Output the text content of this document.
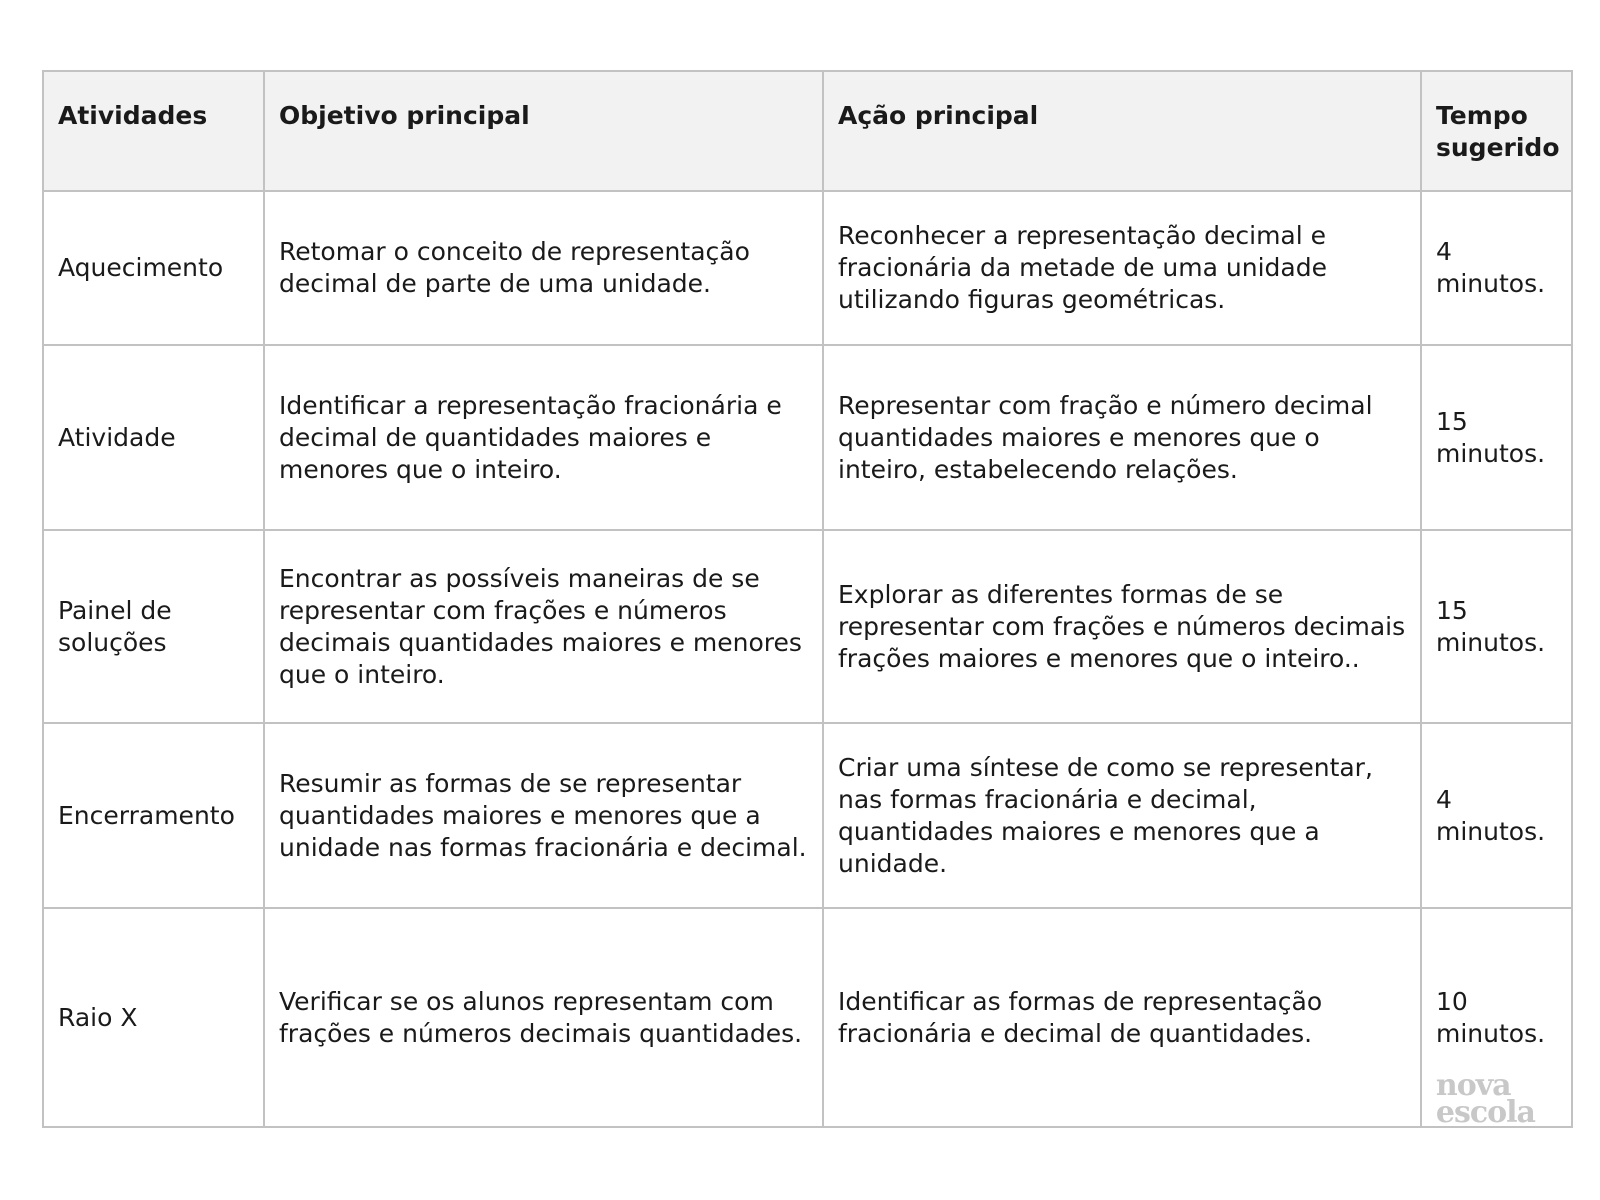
Atividades	Objetivo principal	Ação principal	Tempo sugerido
Aquecimento	Retomar o conceito de representação decimal de parte de uma unidade.	Reconhecer a representação decimal e fracionária da metade de uma unidade utilizando figuras geométricas.	4 minutos.
Atividade	Identificar a representação fracionária e decimal de quantidades maiores e menores que o inteiro.	Representar com fração e número decimal quantidades maiores e menores que o inteiro, estabelecendo relações.	15 minutos.
Painel de soluções	Encontrar as possíveis maneiras de se representar com frações e números decimais quantidades maiores e menores que o inteiro.	Explorar as diferentes formas de se representar com frações e números decimais frações maiores e menores que o inteiro..	15 minutos.
Encerramento	Resumir as formas de se representar quantidades maiores e menores que a unidade nas formas fracionária e decimal.	Criar uma síntese de como se representar, nas formas fracionária e decimal, quantidades maiores e menores que a unidade.	4 minutos.
Raio X	Verificar se os alunos representam com frações e números decimais quantidades.	Identificar as formas de representação fracionária e decimal de quantidades.	10 minutos.
nova
escola
